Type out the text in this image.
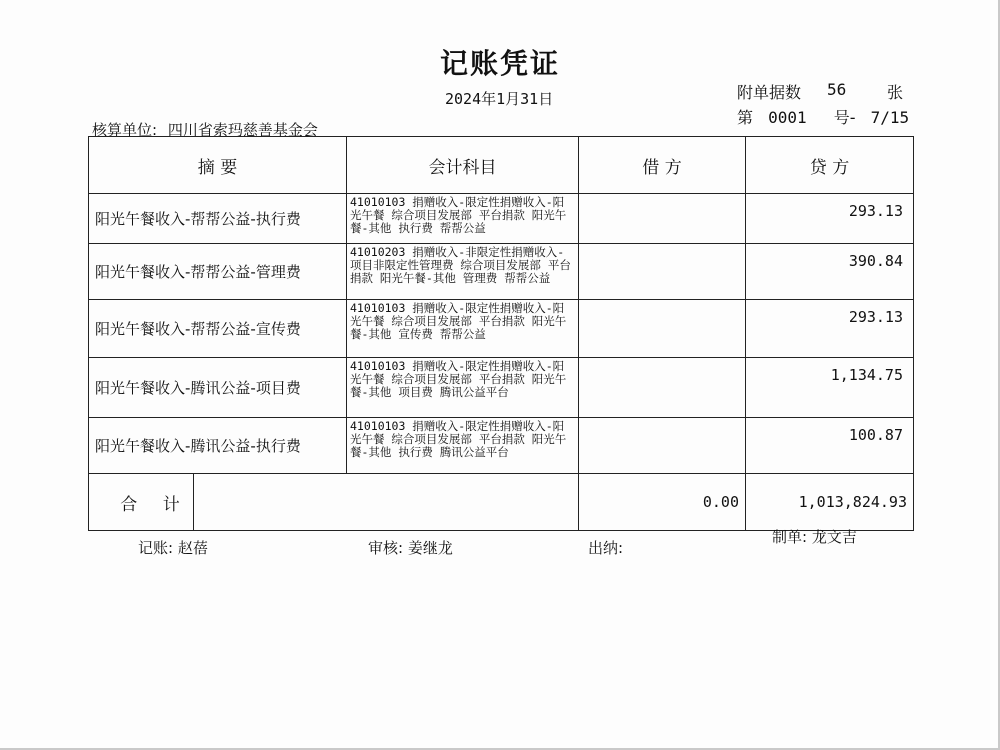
记账凭证
2024年1月31日	附单据数 56	张
第 0001 号- 7/15
核算单位: 四川省索玛慈善基金会
摘 要	会计科目	借 方	贷 方
阳光午餐收入-帮帮公益-执行费	41010103 捐赠收入-限定性捐赠收入-阳光午餐 综合项目发展部 平台捐款 阳光午餐-其他 执行费 帮帮公益		293.13
阳光午餐收入-帮帮公益-管理费	41010203 捐赠收入-非限定性捐赠收入-项目非限定性管理费 综合项目发展部 平台捐款 阳光午餐-其他 管理费 帮帮公益		390.84
阳光午餐收入-帮帮公益-宣传费	41010103 捐赠收入-限定性捐赠收入-阳光午餐 综合项目发展部 平台捐款 阳光午餐-其他 宣传费 帮帮公益		293.13
阳光午餐收入-腾讯公益-项目费	41010103 捐赠收入-限定性捐赠收入-阳光午餐 综合项目发展部 平台捐款 阳光午餐-其他 项目费 腾讯公益平台		1,134.75
阳光午餐收入-腾讯公益-执行费	41010103 捐赠收入-限定性捐赠收入-阳光午餐 综合项目发展部 平台捐款 阳光午餐-其他 执行费 腾讯公益平台		100.87

合 计		0.00	1,013,824.93
记账: 赵蓓	审核: 姜继龙	出纳:
制单: 龙文吉
